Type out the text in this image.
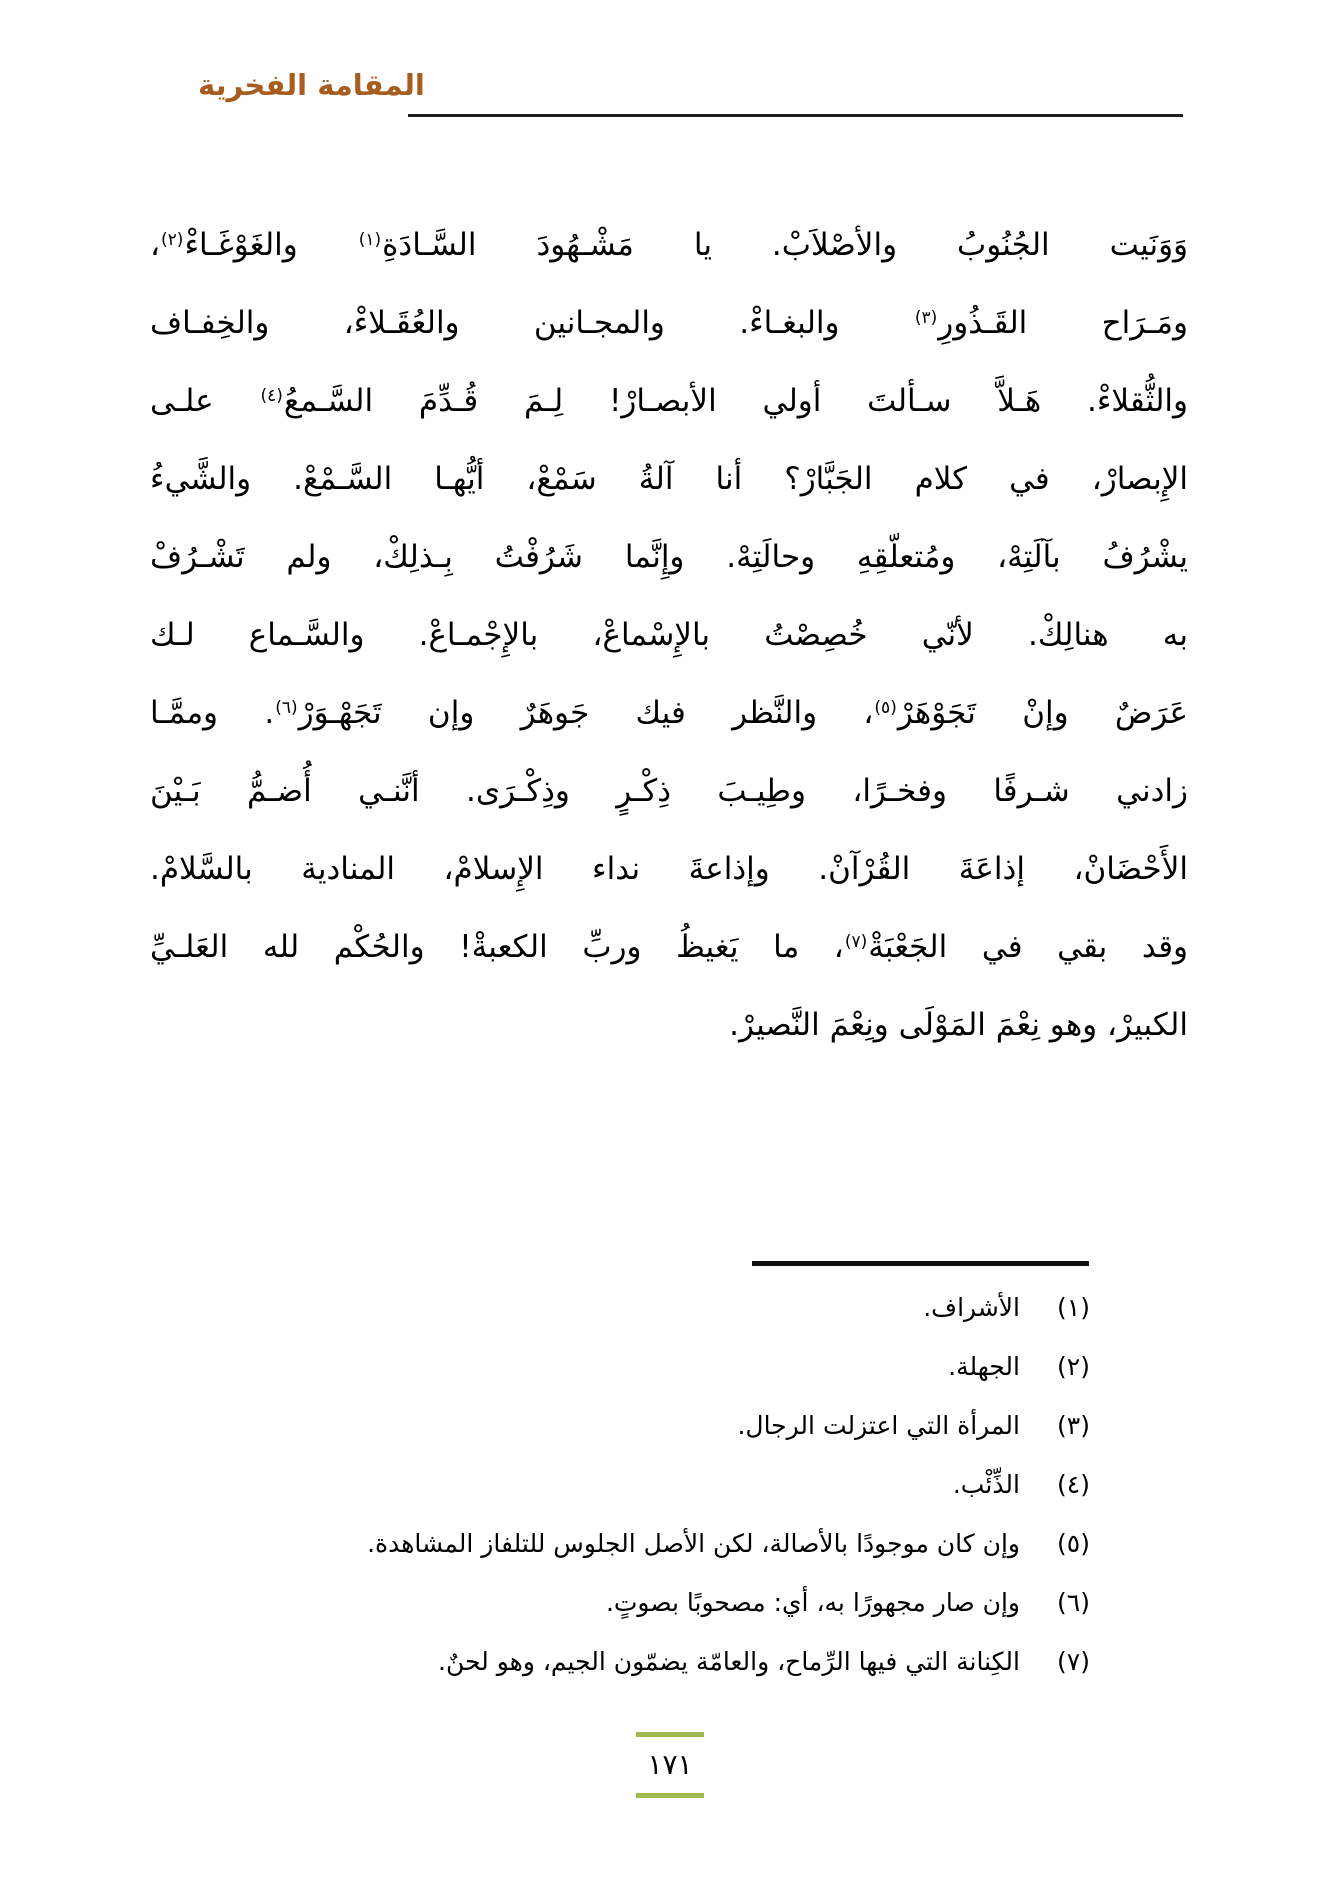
المقامة الفخرية
وَوَنَيت الجُنُوبُ والأصْلاَبْ. يا مَشْـهُودَ السَّـادَةِ$^{(١)}$ والغَوْغَـاءْ$^{(٢)}$،
ومَـرَاح القَـذُورِ$^{(٣)}$ والبغـاءْ. والمجـانين والعُقَـلاءْ، والخِفـاف
والثُّقلاءْ. هَـلاَّ سـألتَ أولي الأبصـارْ! لِـمَ قُـدِّمَ السَّـمعُ$^{(٤)}$ علـى
الإِبصارْ، في كلام الجَبَّارْ؟ أنا آلةُ سَمْعْ، أيُّهـا السَّـمْعْ. والشَّيءُ
يشْرُفُ بآلَتِهْ، ومُتعلّقِهِ وحالَتِهْ. وإِنَّما شَرُفْتُ بِـذلِكْ، ولم تَشْـرُفْ
به هنالِكْ. لأنّي خُصِصْتُ بالإِسْماعْ، بالإِجْمـاعْ. والسَّـماع لـك
عَرَضٌ وإنْ تَجَوْهَرْ$^{(٥)}$، والنَّظر فيك جَوهَرٌ وإن تَجَهْـوَرْ$^{(٦)}$. وممَّـا
زادني شـرفًا وفخـرًا، وطِيـبَ ذِكْـرٍ وذِكْـرَى. أنَّنـي أُضـمُّ بَـيْنَ
الأَحْضَانْ، إذاعَةَ القُرْآنْ. وإذاعةَ نداء الإِسلامْ، المنادية بالسَّلامْ.
وقد بقي في الجَعْبَةْ$^{(٧)}$، ما يَغيظُ وربِّ الكعبةْ! والحُكْم لله العَلـيِّ
الكبيرْ، وهو نِعْمَ المَوْلَى ونِعْمَ النَّصيرْ.
(١)الأشراف.
(٢)الجهلة.
(٣)المرأة التي اعتزلت الرجال.
(٤)الذِّئْب.
(٥)وإن كان موجودًا بالأصالة، لكن الأصل الجلوس للتلفاز المشاهدة.
(٦)وإن صار مجهورًا به، أي: مصحوبًا بصوتٍ.
(٧)الكِنانة التي فيها الرِّماح، والعامّة يضمّون الجيم، وهو لحنٌ.
١٧١
